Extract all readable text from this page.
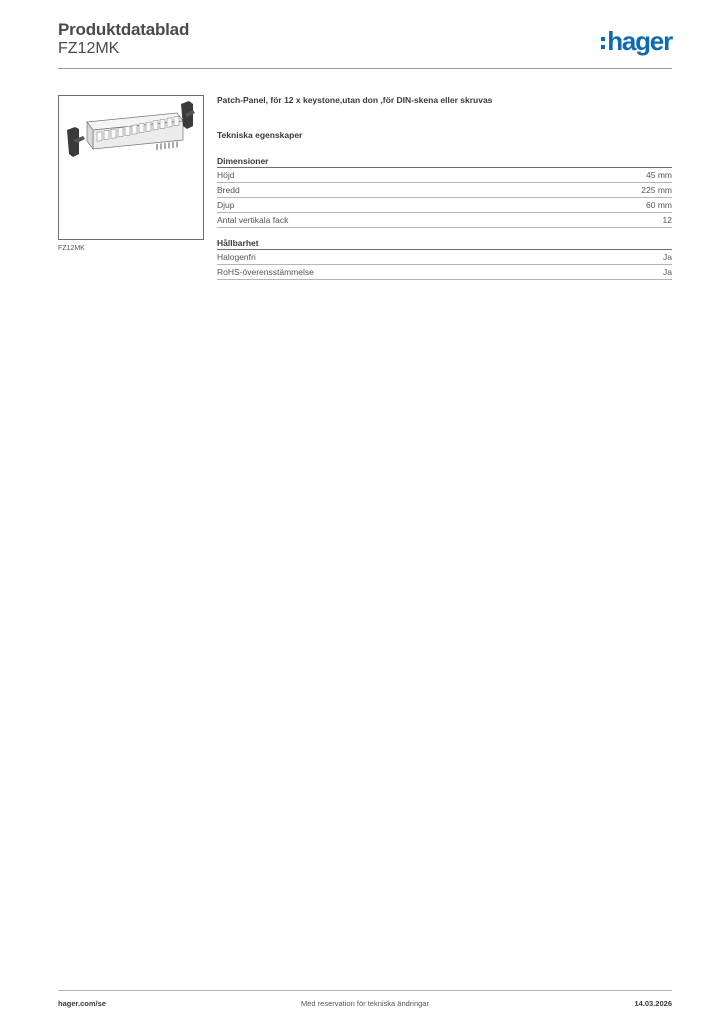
Produktdatablad
FZ12MK	hager
FZ12MK
Patch-Panel, för 12 x keystone,utan don ,för DIN-skena eller skruvas
Tekniska egenskaper
Dimensioner
Höjd	45 mm
Bredd	225 mm
Djup	60 mm
Antal vertikala fack	12
Hållbarhet
Halogenfri	Ja
RoHS-överensstämmelse	Ja
hager.com/se	Med reservation för tekniska ändringar	14.03.2026
